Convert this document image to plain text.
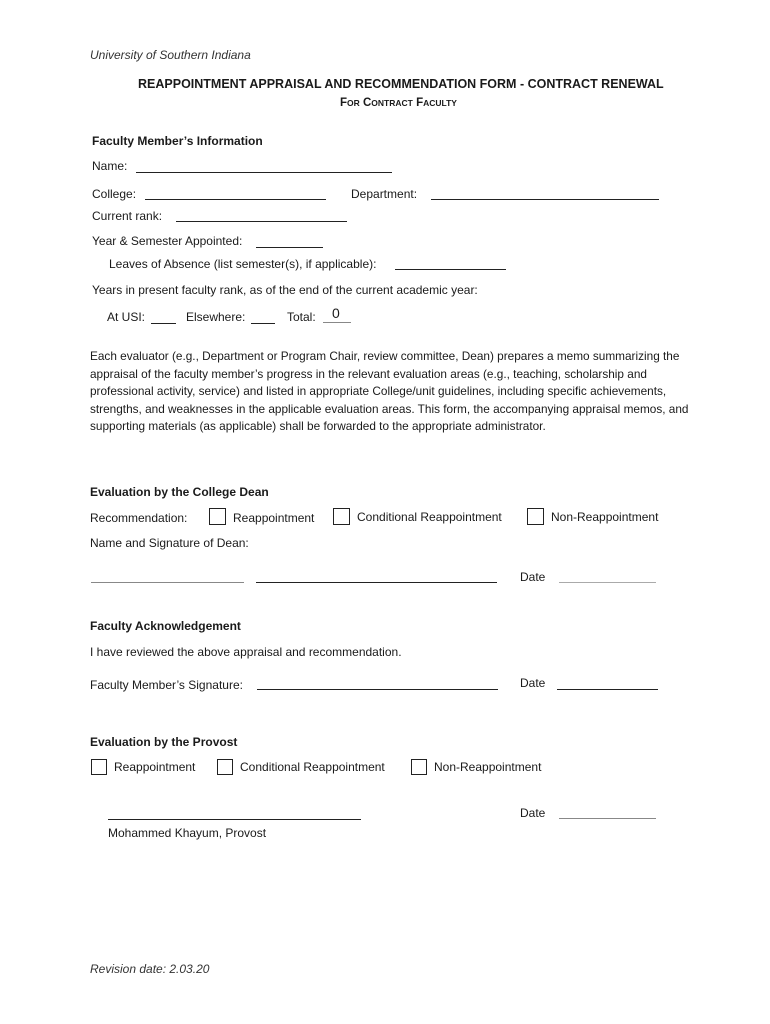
University of Southern Indiana
REAPPOINTMENT APPRAISAL AND RECOMMENDATION FORM - CONTRACT RENEWAL
FOR CONTRACT FACULTY
Faculty Member’s Information
Name:
College:	Department:
Current rank:
Year & Semester Appointed:
Leaves of Absence (list semester(s), if applicable):
Years in present faculty rank, as of the end of the current academic year:
At USI:	Elsewhere:	Total: 0
Each evaluator (e.g., Department or Program Chair, review committee, Dean) prepares a memo summarizing the appraisal of the faculty member’s progress in the relevant evaluation areas (e.g., teaching, scholarship and professional activity, service) and listed in appropriate College/unit guidelines, including specific achievements, strengths, and weaknesses in the applicable evaluation areas. This form, the accompanying appraisal memos, and supporting materials (as applicable) shall be forwarded to the appropriate administrator.
Evaluation by the College Dean
Recommendation:	Reappointment	Conditional Reappointment	Non-Reappointment
Name and Signature of Dean:
Date
Faculty Acknowledgement
I have reviewed the above appraisal and recommendation.
Faculty Member’s Signature:	Date
Evaluation by the Provost
Reappointment	Conditional Reappointment	Non-Reappointment
Date
Mohammed Khayum, Provost
Revision date: 2.03.20
